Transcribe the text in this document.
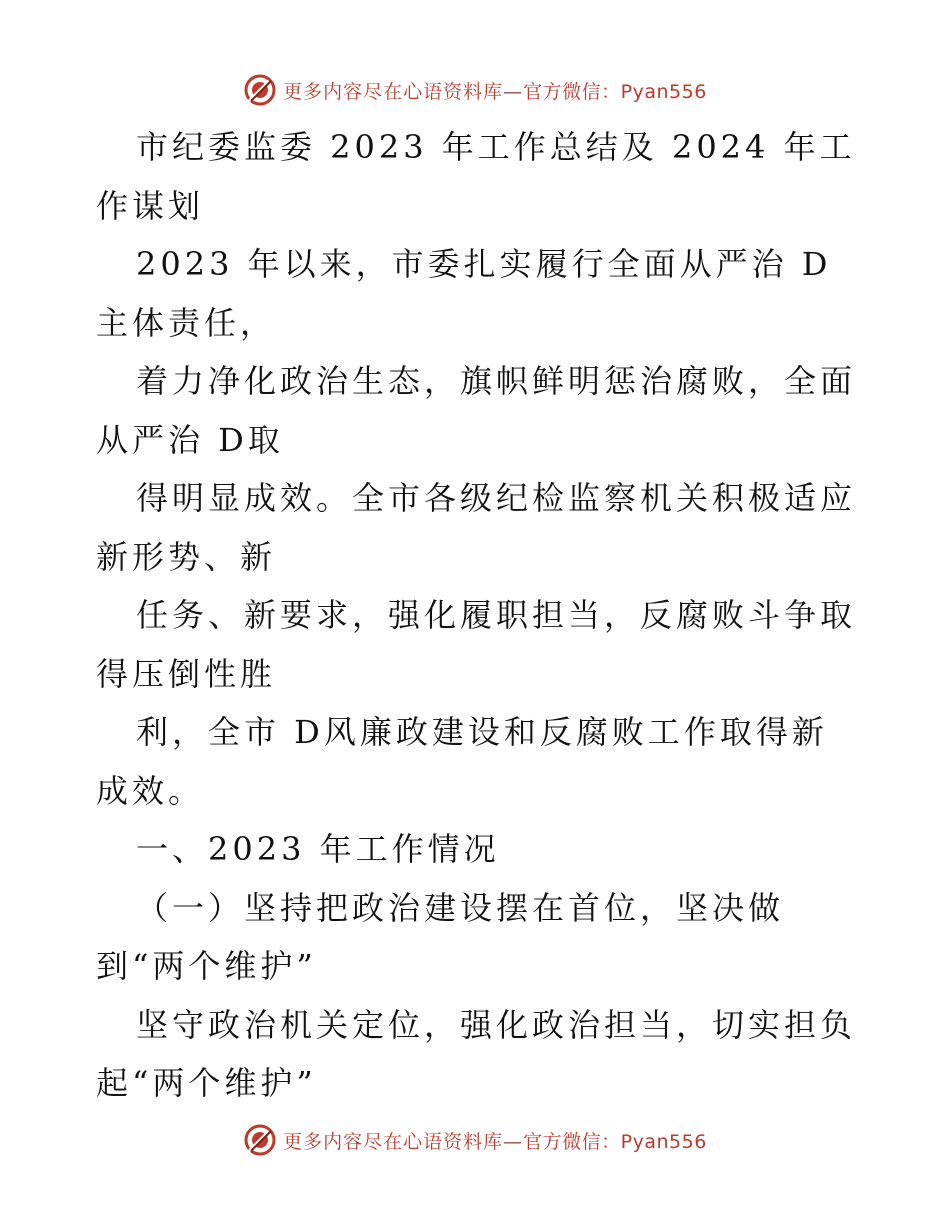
更多内容尽在心语资料库—官方微信：Pyan556

市纪委监委 2023 年工作总结及 2024 年工作谋划

2023 年以来，市委扎实履行全面从严治 D主体责任，

着力净化政治生态，旗帜鲜明惩治腐败，全面从严治 D取

得明显成效。全市各级纪检监察机关积极适应新形势、新

任务、新要求，强化履职担当，反腐败斗争取得压倒性胜

利，全市 D风廉政建设和反腐败工作取得新成效。

一、2023 年工作情况

（一）坚持把政治建设摆在首位，坚决做到“两个维护”

坚守政治机关定位，强化政治担当，切实担负起“两个维护”

更多内容尽在心语资料库—官方微信：Pyan556
